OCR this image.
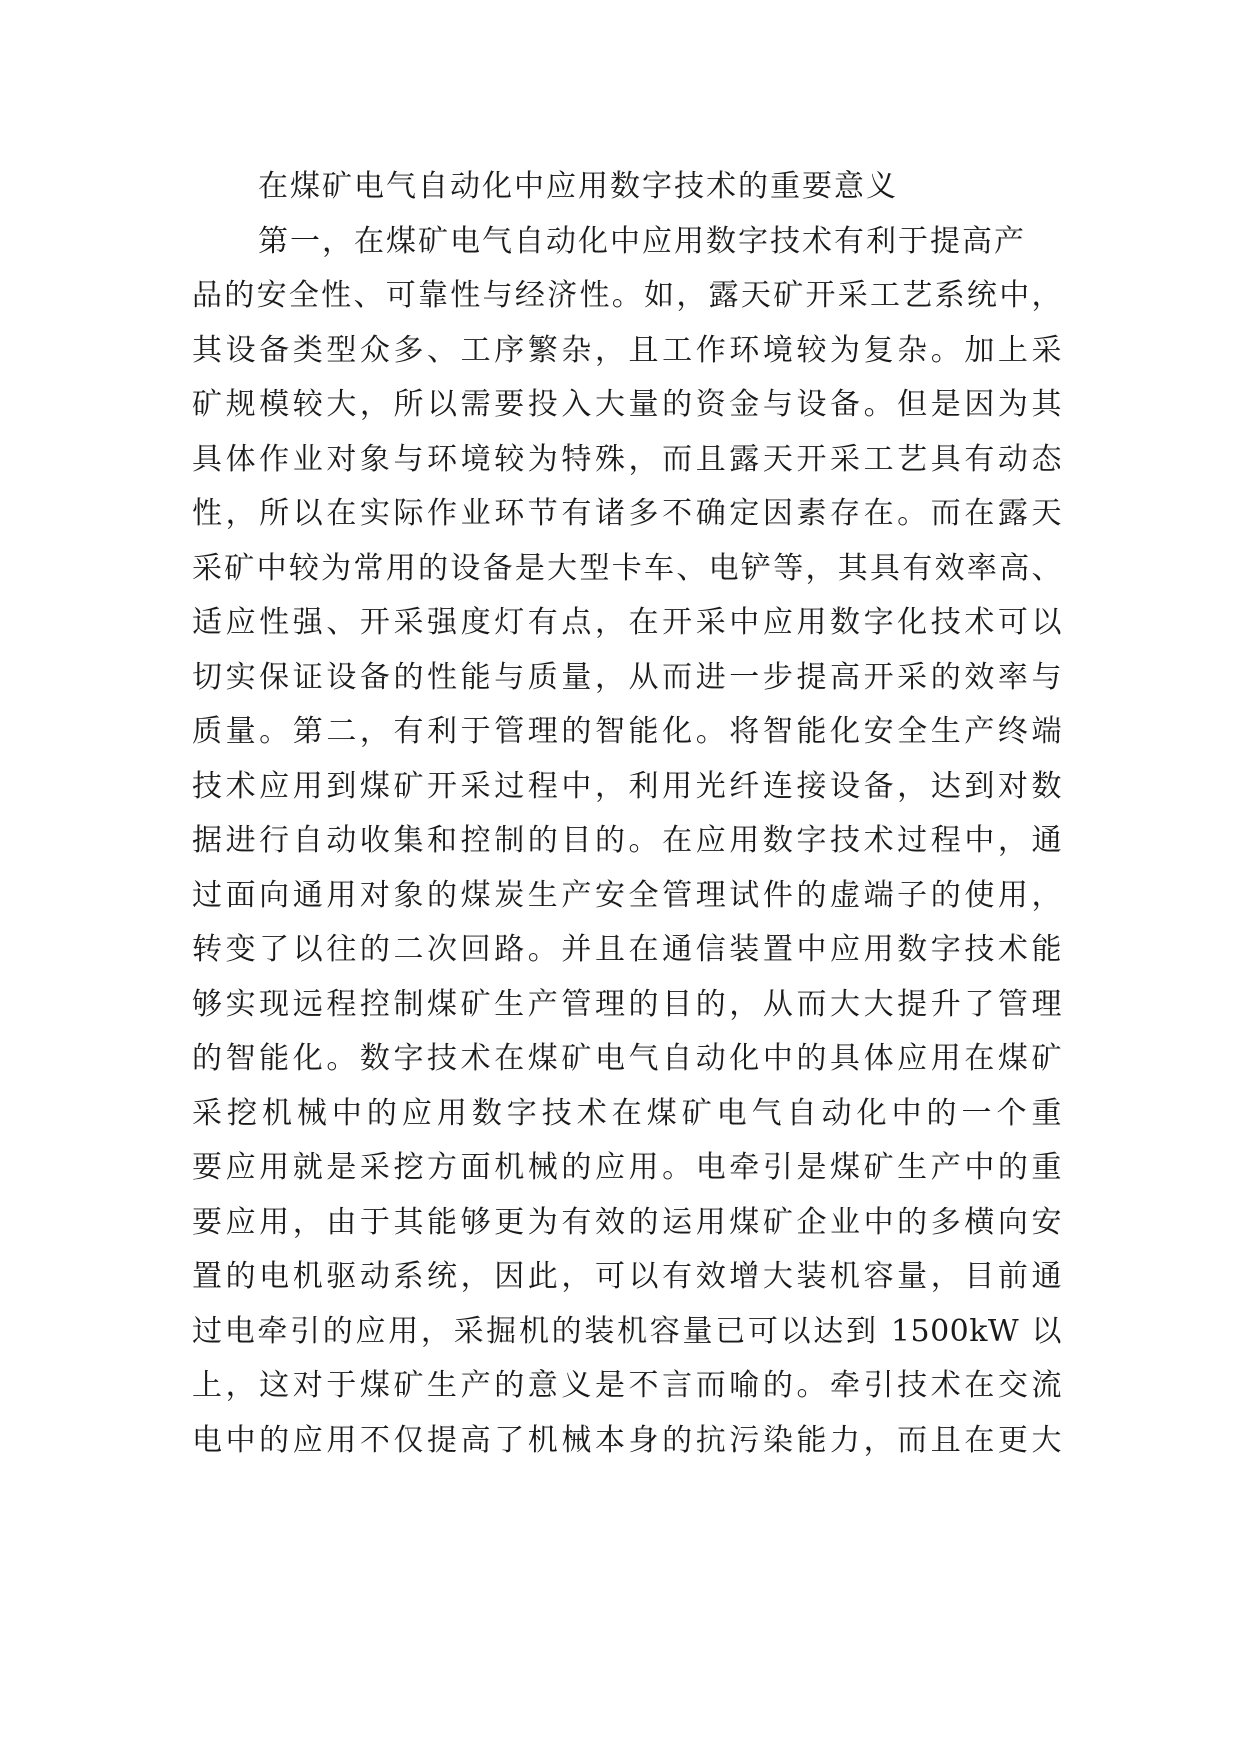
在煤矿电气自动化中应用数字技术的重要意义
第一，在煤矿电气自动化中应用数字技术有利于提高产
品的安全性、可靠性与经济性。如，露天矿开采工艺系统中，
其设备类型众多、工序繁杂，且工作环境较为复杂。加上采
矿规模较大，所以需要投入大量的资金与设备。但是因为其
具体作业对象与环境较为特殊，而且露天开采工艺具有动态
性，所以在实际作业环节有诸多不确定因素存在。而在露天
采矿中较为常用的设备是大型卡车、电铲等，其具有效率高、
适应性强、开采强度灯有点，在开采中应用数字化技术可以
切实保证设备的性能与质量，从而进一步提高开采的效率与
质量。第二，有利于管理的智能化。将智能化安全生产终端
技术应用到煤矿开采过程中，利用光纤连接设备，达到对数
据进行自动收集和控制的目的。在应用数字技术过程中，通
过面向通用对象的煤炭生产安全管理试件的虚端子的使用，
转变了以往的二次回路。并且在通信装置中应用数字技术能
够实现远程控制煤矿生产管理的目的，从而大大提升了管理
的智能化。数字技术在煤矿电气自动化中的具体应用在煤矿
采挖机械中的应用数字技术在煤矿电气自动化中的一个重
要应用就是采挖方面机械的应用。电牵引是煤矿生产中的重
要应用，由于其能够更为有效的运用煤矿企业中的多横向安
置的电机驱动系统，因此，可以有效增大装机容量，目前通
过电牵引的应用，采掘机的装机容量已可以达到 1500kW 以
上，这对于煤矿生产的意义是不言而喻的。牵引技术在交流
电中的应用不仅提高了机械本身的抗污染能力，而且在更大
